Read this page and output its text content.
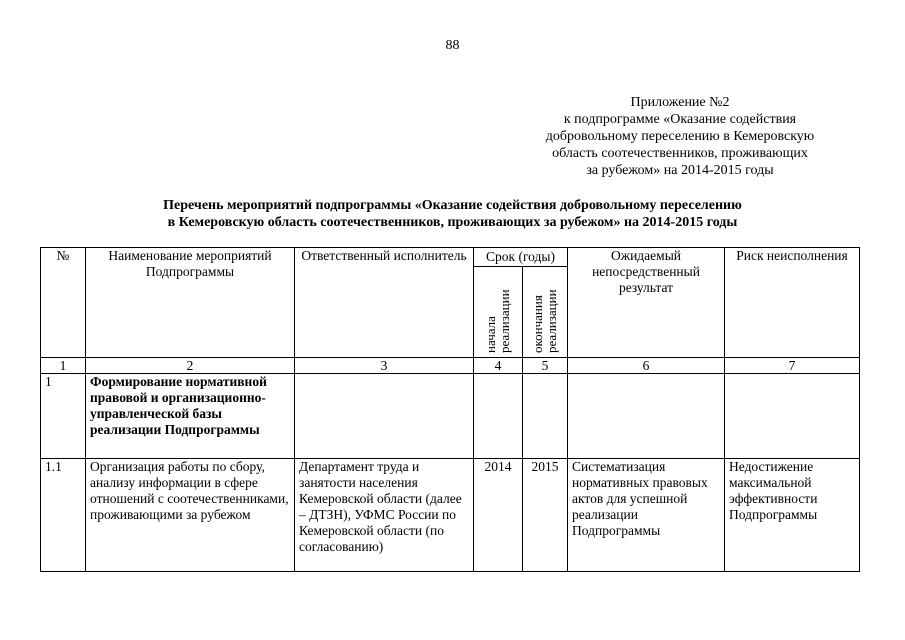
88
Приложение №2
к подпрограмме «Оказание содействия
добровольному переселению в Кемеровскую
область соотечественников, проживающих
за рубежом» на 2014-2015 годы
Перечень мероприятий подпрограммы «Оказание содействия добровольному переселению
в Кемеровскую область соотечественников, проживающих за рубежом» на 2014-2015 годы
№	Наименование мероприятий Подпрограммы	Ответственный исполнитель	Срок (годы)		Ожидаемый непосредственный результат	Риск неисполнения
			начала реализации	окончания реализации		
1	2	3	4	5	6	7
1	Формирование нормативной правовой и организационно-управленческой базы реализации Подпрограммы					
1.1	Организация работы по сбору, анализу информации в сфере отношений с соотечественниками, проживающими за рубежом	Департамент труда и занятости населения Кемеровской области (далее – ДТЗН), УФМС России по Кемеровской области (по согласованию)	2014	2015	Систематизация нормативных правовых актов для успешной реализации Подпрограммы	Недостижение максимальной эффективности Подпрограммы
